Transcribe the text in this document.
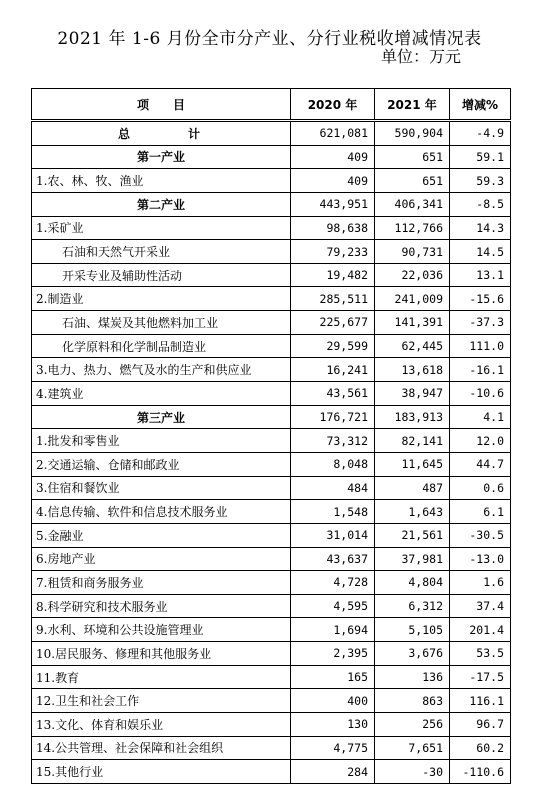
2021 年 1-6 月份全市分产业、分行业税收增减情况表
单位：万元
项　　目	2020 年	2021 年	增减%
总计	621,081	590,904	-4.9
第一产业	409	651	59.1
1.农、林、牧、渔业	409	651	59.3
第二产业	443,951	406,341	-8.5
1.采矿业	98,638	112,766	14.3
石油和天然气开采业	79,233	90,731	14.5
开采专业及辅助性活动	19,482	22,036	13.1
2.制造业	285,511	241,009	-15.6
石油、煤炭及其他燃料加工业	225,677	141,391	-37.3
化学原料和化学制品制造业	29,599	62,445	111.0
3.电力、热力、燃气及水的生产和供应业	16,241	13,618	-16.1
4.建筑业	43,561	38,947	-10.6
第三产业	176,721	183,913	4.1
1.批发和零售业	73,312	82,141	12.0
2.交通运输、仓储和邮政业	8,048	11,645	44.7
3.住宿和餐饮业	484	487	0.6
4.信息传输、软件和信息技术服务业	1,548	1,643	6.1
5.金融业	31,014	21,561	-30.5
6.房地产业	43,637	37,981	-13.0
7.租赁和商务服务业	4,728	4,804	1.6
8.科学研究和技术服务业	4,595	6,312	37.4
9.水利、环境和公共设施管理业	1,694	5,105	201.4
10.居民服务、修理和其他服务业	2,395	3,676	53.5
11.教育	165	136	-17.5
12.卫生和社会工作	400	863	116.1
13.文化、体育和娱乐业	130	256	96.7
14.公共管理、社会保障和社会组织	4,775	7,651	60.2
15.其他行业	284	-30	-110.6
